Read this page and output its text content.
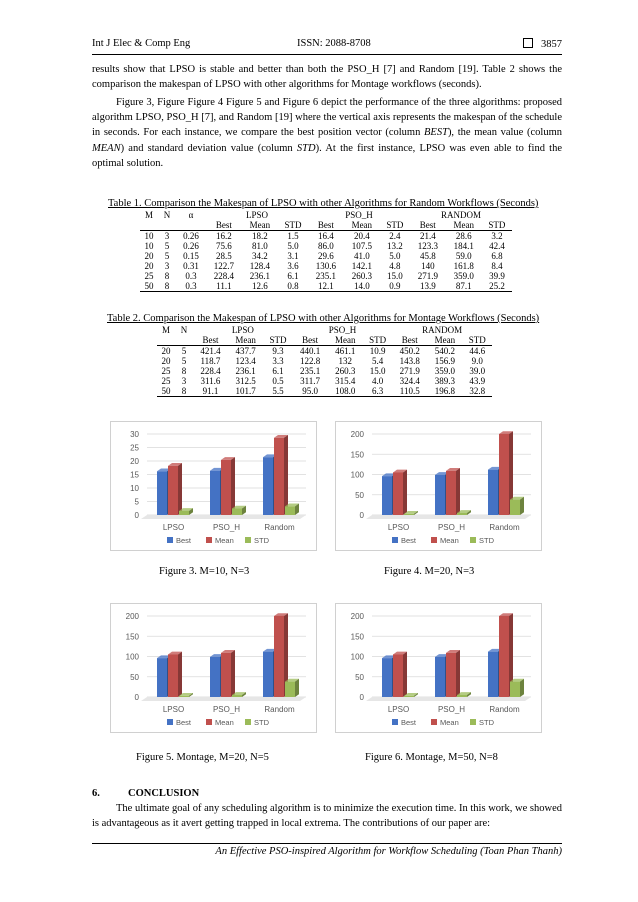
Int J Elec & Comp Eng	ISSN: 2088-8708	3857

results show that LPSO is stable and better than both the PSO_H [7] and Random [19]. Table 2 shows the comparison the makespan of LPSO with other algorithms for Montage workflows (seconds).

Figure 3, Figure Figure 4 Figure 5 and Figure 6 depict the performance of the three algorithms: proposed algorithm LPSO, PSO_H [7], and Random [19] where the vertical axis represents the makespan of the schedule in seconds. For each instance, we compare the best position vector (column BEST), the mean value (column MEAN) and standard deviation value (column STD). At the first instance, LPSO was even able to find the optimal solution.

Table 1. Comparison the Makespan of LPSO with other Algorithms for Random Workflows (Seconds)
M	N	α	LPSO			PSO_H			RANDOM		
			Best	Mean	STD	Best	Mean	STD	Best	Mean	STD
10	3	0.26	16.2	18.2	1.5	16.4	20.4	2.4	21.4	28.6	3.2
10	5	0.26	75.6	81.0	5.0	86.0	107.5	13.2	123.3	184.1	42.4
20	5	0.15	28.5	34.2	3.1	29.6	41.0	5.0	45.8	59.0	6.8
20	3	0.31	122.7	128.4	3.6	130.6	142.1	4.8	140	161.8	8.4
25	8	0.3	228.4	236.1	6.1	235.1	260.3	15.0	271.9	359.0	39.9
50	8	0.3	11.1	12.6	0.8	12.1	14.0	0.9	13.9	87.1	25.2
Table 2. Comparison the Makespan of LPSO with other Algorithms for Montage Workflows (Seconds)
M	N	LPSO			PSO_H			RANDOM		
		Best	Mean	STD	Best	Mean	STD	Best	Mean	STD
20	5	421.4	437.7	9.3	440.1	461.1	10.9	450.2	540.2	44.6
20	5	118.7	123.4	3.3	122.8	132	5.4	143.8	156.9	9.0
25	8	228.4	236.1	6.1	235.1	260.3	15.0	271.9	359.0	39.0
25	3	311.6	312.5	0.5	311.7	315.4	4.0	324.4	389.3	43.9
50	8	91.1	101.7	5.5	95.0	108.0	6.3	110.5	196.8	32.8
0
5
10
15
20
25
30
LPSO	PSO_H	Random
Best	Mean	STD
0
50
100
150
200
LPSO	PSO_H	Random
Best	Mean	STD
0
50
100
150
200
LPSO	PSO_H	Random
Best	Mean	STD
0
50
100
150
200
LPSO	PSO_H	Random
Best	Mean	STD
Figure 3. M=10, N=3	Figure 4. M=20, N=3
Figure 5. Montage, M=20, N=5	Figure 6. Montage, M=50, N=8
6.	CONCLUSION

The ultimate goal of any scheduling algorithm is to minimize the execution time. In this work, we showed is advantageous as it avert getting trapped in local extrema. The contributions of our paper are:

An Effective PSO-inspired Algorithm for Workflow Scheduling (Toan Phan Thanh)
